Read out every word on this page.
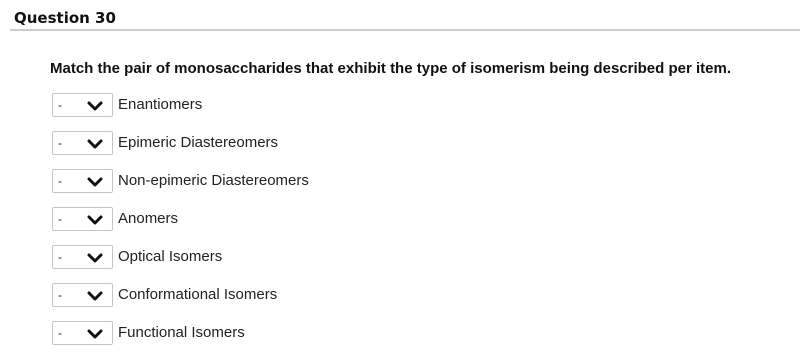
Question 30
Match the pair of monosaccharides that exhibit the type of isomerism being described per item.
-	Enantiomers
-	Epimeric Diastereomers
-	Non-epimeric Diastereomers
-	Anomers
-	Optical Isomers
-	Conformational Isomers
-	Functional Isomers
